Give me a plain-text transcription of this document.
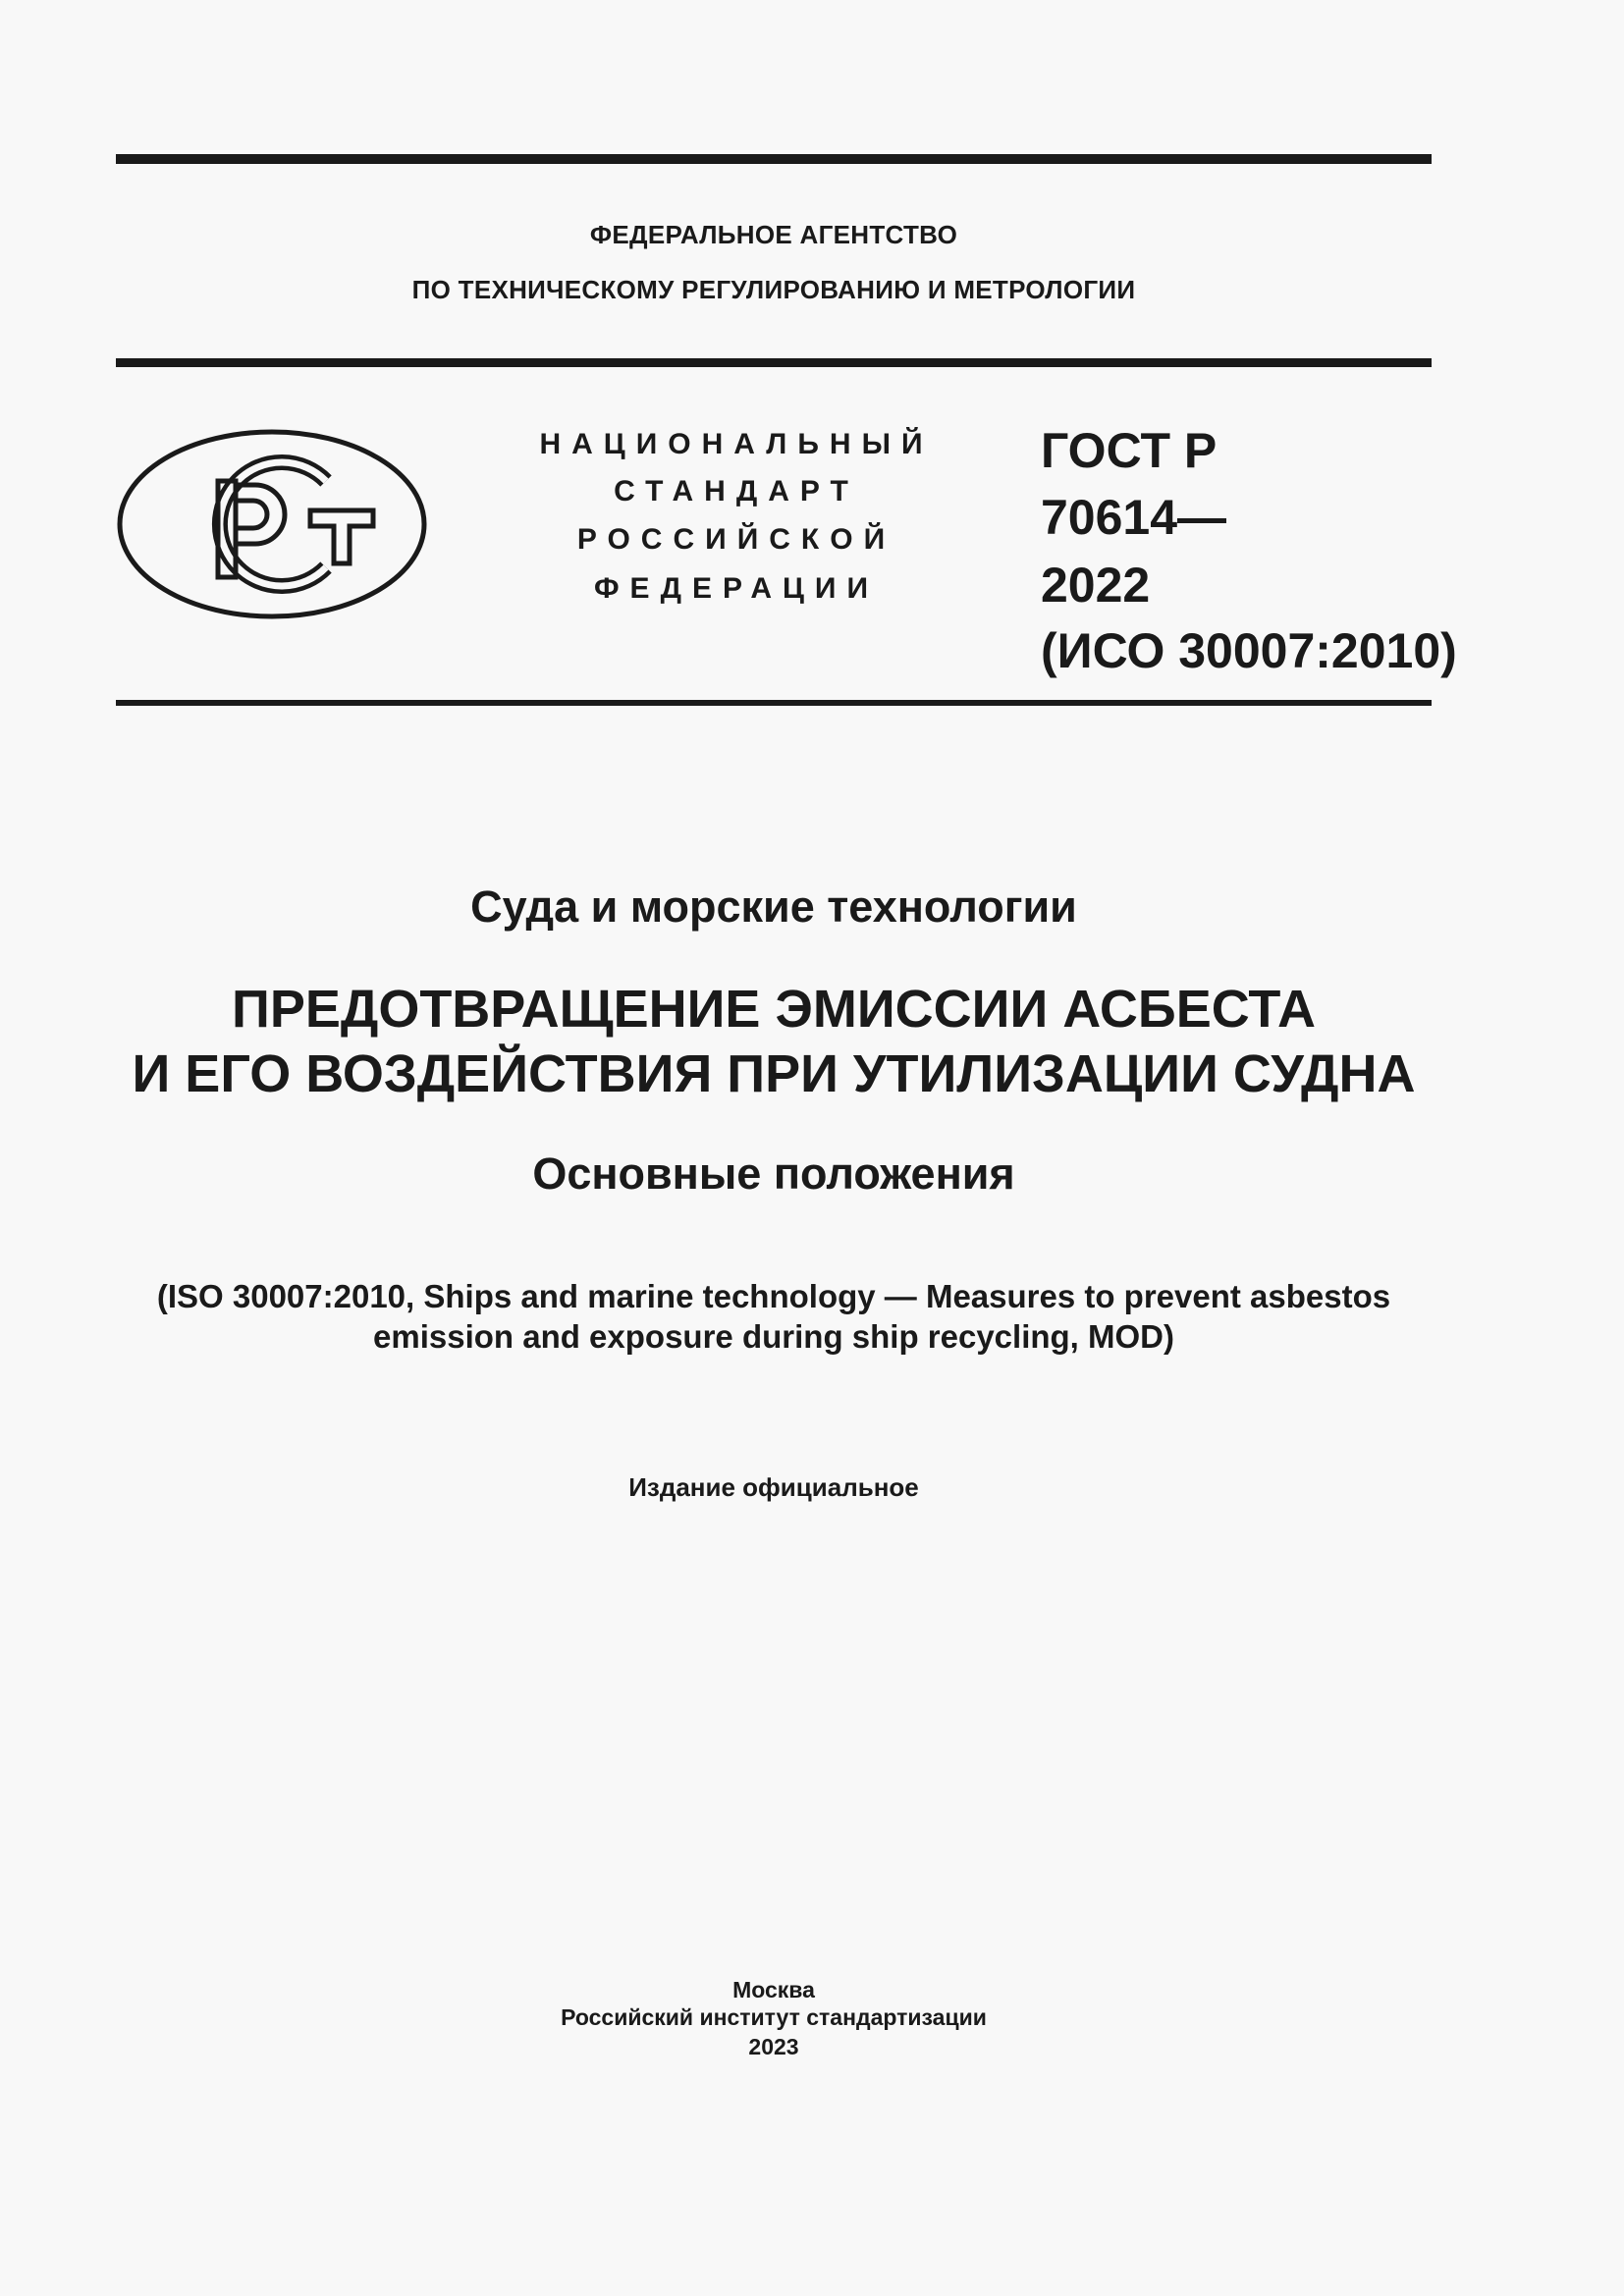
ФЕДЕРАЛЬНОЕ АГЕНТСТВО
ПО ТЕХНИЧЕСКОМУ РЕГУЛИРОВАНИЮ И МЕТРОЛОГИИ
НАЦИОНАЛЬНЫЙ
СТАНДАРТ
РОССИЙСКОЙ
ФЕДЕРАЦИИ
ГОСТ Р
70614—
2022
(ИСО 30007:2010)
Суда и морские технологии
ПРЕДОТВРАЩЕНИЕ ЭМИССИИ АСБЕСТА
И ЕГО ВОЗДЕЙСТВИЯ ПРИ УТИЛИЗАЦИИ СУДНА
Основные положения
(ISO 30007:2010, Ships and marine technology — Measures to prevent asbestos
emission and exposure during ship recycling, MOD)
Издание официальное
Москва
Российский институт стандартизации
2023
